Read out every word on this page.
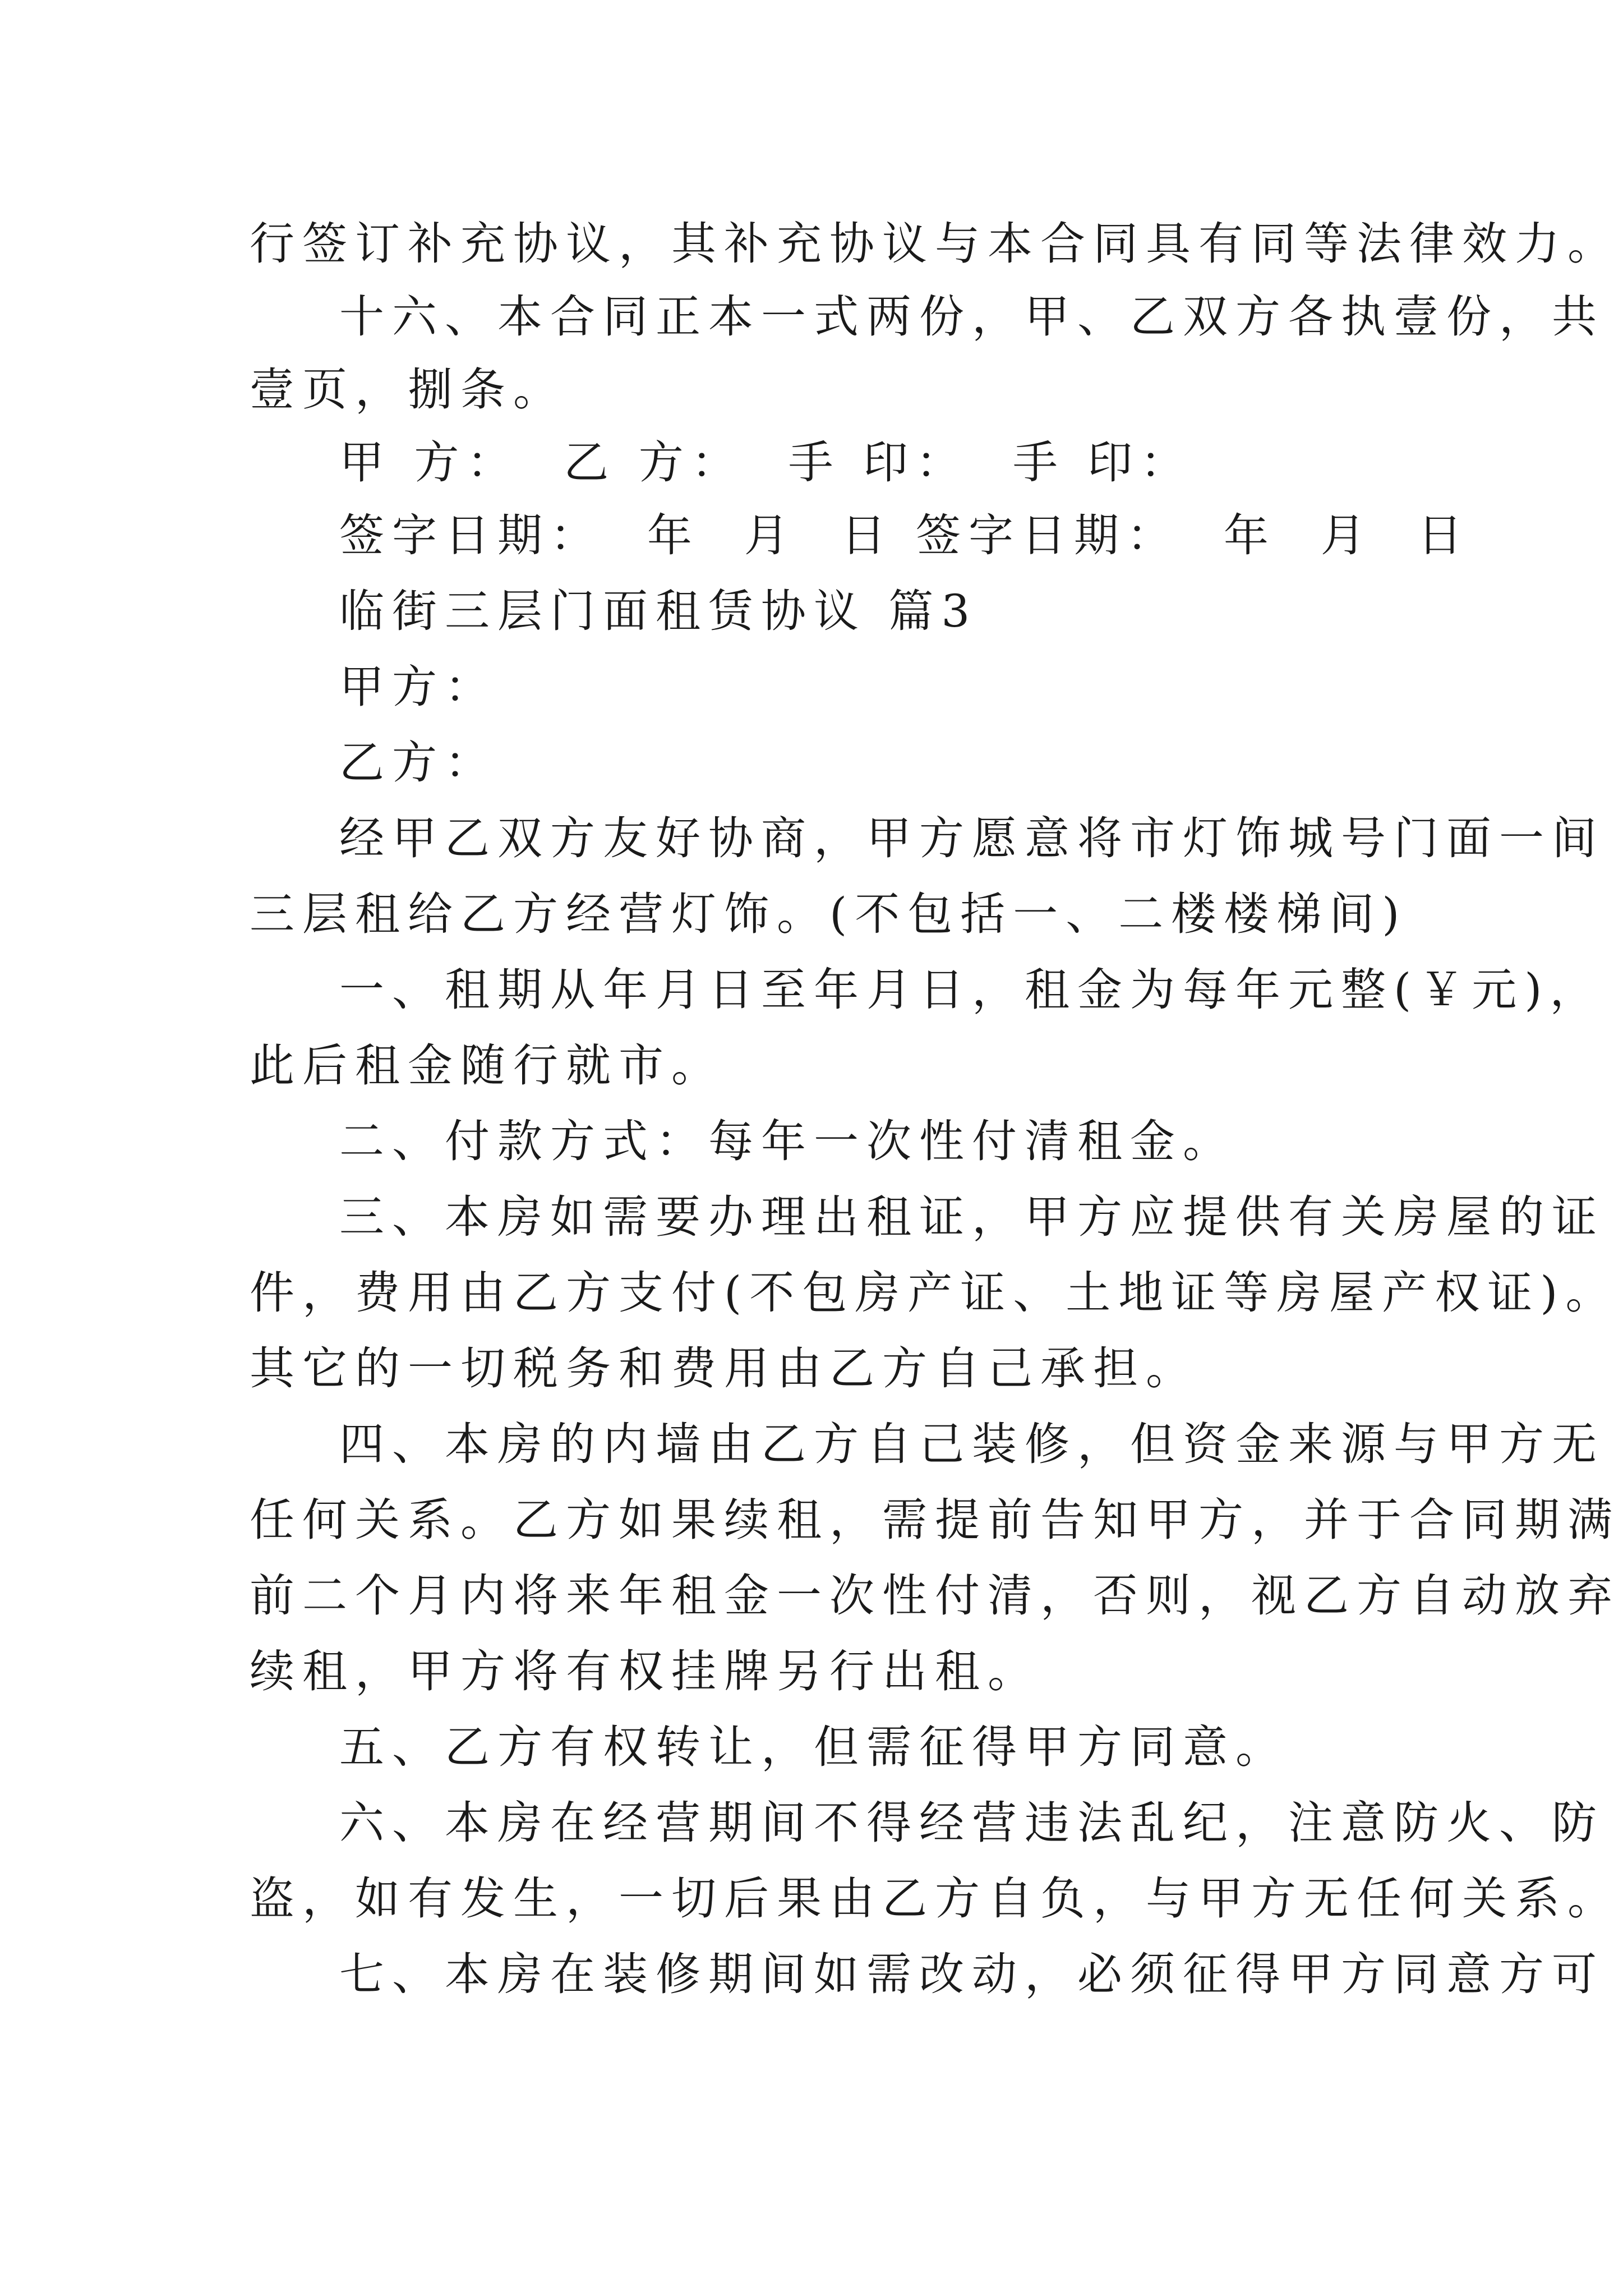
行签订补充协议，其补充协议与本合同具有同等法律效力。
十六、本合同正本一式两份，甲、乙双方各执壹份，共
壹页，捌条。
甲 方：  乙 方：  手 印：  手 印：
签字日期：  年  月  日 签字日期：  年  月  日
临街三层门面租赁协议 篇3
甲方：
乙方：
经甲乙双方友好协商，甲方愿意将市灯饰城号门面一间
三层租给乙方经营灯饰。(不包括一、二楼楼梯间)
一、租期从年月日至年月日，租金为每年元整(￥元)，
此后租金随行就市。
二、付款方式：每年一次性付清租金。
三、本房如需要办理出租证，甲方应提供有关房屋的证
件，费用由乙方支付(不包房产证、土地证等房屋产权证)。
其它的一切税务和费用由乙方自己承担。
四、本房的内墙由乙方自己装修，但资金来源与甲方无
任何关系。乙方如果续租，需提前告知甲方，并于合同期满
前二个月内将来年租金一次性付清，否则，视乙方自动放弃
续租，甲方将有权挂牌另行出租。
五、乙方有权转让，但需征得甲方同意。
六、本房在经营期间不得经营违法乱纪，注意防火、防
盗，如有发生，一切后果由乙方自负，与甲方无任何关系。
七、本房在装修期间如需改动，必须征得甲方同意方可
